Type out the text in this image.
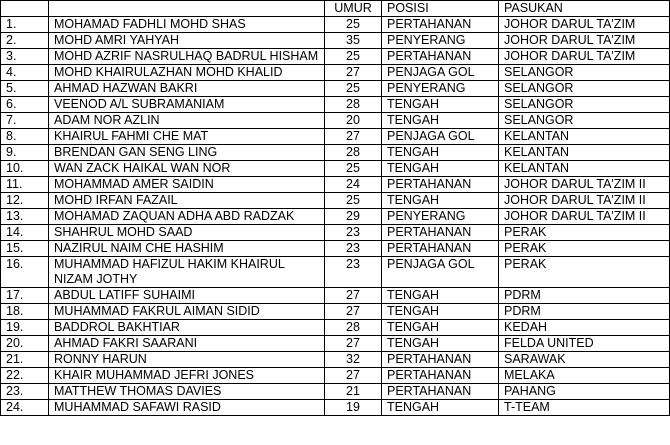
		UMUR	POSISI	PASUKAN
1.	MOHAMAD FADHLI MOHD SHAS	25	PERTAHANAN	JOHOR DARUL TA'ZIM
2.	MOHD AMRI YAHYAH	35	PENYERANG	JOHOR DARUL TA'ZIM
3.	MOHD AZRIF NASRULHAQ BADRUL HISHAM	25	PERTAHANAN	JOHOR DARUL TA'ZIM
4.	MOHD KHAIRULAZHAN MOHD KHALID	27	PENJAGA GOL	SELANGOR
5.	AHMAD HAZWAN BAKRI	25	PENYERANG	SELANGOR
6.	VEENOD A/L SUBRAMANIAM	28	TENGAH	SELANGOR
7.	ADAM NOR AZLIN	20	TENGAH	SELANGOR
8.	KHAIRUL FAHMI CHE MAT	27	PENJAGA GOL	KELANTAN
9.	BRENDAN GAN SENG LING	28	TENGAH	KELANTAN
10.	WAN ZACK HAIKAL WAN NOR	25	TENGAH	KELANTAN
11.	MOHAMMAD AMER SAIDIN	24	PERTAHANAN	JOHOR DARUL TA'ZIM II
12.	MOHD IRFAN FAZAIL	25	TENGAH	JOHOR DARUL TA'ZIM II
13.	MOHAMAD ZAQUAN ADHA ABD RADZAK	29	PENYERANG	JOHOR DARUL TA'ZIM II
14.	SHAHRUL MOHD SAAD	23	PERTAHANAN	PERAK
15.	NAZIRUL NAIM CHE HASHIM	23	PERTAHANAN	PERAK
16.	MUHAMMAD HAFIZUL HAKIM KHAIRUL NIZAM JOTHY	23	PENJAGA GOL	PERAK
17.	ABDUL LATIFF SUHAIMI	27	TENGAH	PDRM
18.	MUHAMMAD FAKRUL AIMAN SIDID	27	TENGAH	PDRM
19.	BADDROL BAKHTIAR	28	TENGAH	KEDAH
20.	AHMAD FAKRI SAARANI	27	TENGAH	FELDA UNITED
21.	RONNY HARUN	32	PERTAHANAN	SARAWAK
22.	KHAIR MUHAMMAD JEFRI JONES	27	PERTAHANAN	MELAKA
23.	MATTHEW THOMAS DAVIES	21	PERTAHANAN	PAHANG
24.	MUHAMMAD SAFAWI RASID	19	TENGAH	T-TEAM
